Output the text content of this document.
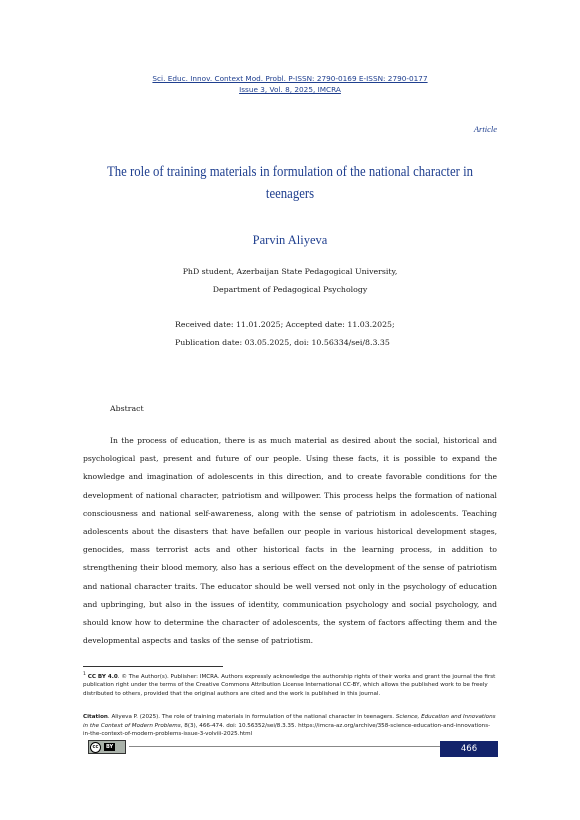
Sci. Educ. Innov. Context Mod. Probl. P-ISSN: 2790-0169 E-ISSN: 2790-0177
Issue 3, Vol. 8, 2025, IMCRA
Article
The role of training materials in formulation of the national character in teenagers
Parvin Aliyeva
PhD student, Azerbaijan State Pedagogical University,
Department of Pedagogical Psychology
Received date: 11.01.2025; Accepted date: 11.03.2025;
Publication date: 03.05.2025, doi: 10.56334/sei/8.3.35
Abstract

In the process of education, there is as much material as desired about the social, historical and psychological past, present and future of our people. Using these facts, it is possible to expand the knowledge and imagination of adolescents in this direction, and to create favorable conditions for the development of national character, patriotism and willpower. This process helps the formation of national consciousness and national self-awareness, along with the sense of patriotism in adolescents. Teaching adolescents about the disasters that have befallen our people in various historical development stages, genocides, mass terrorist acts and other historical facts in the learning process, in addition to strengthening their blood memory, also has a serious effect on the development of the sense of patriotism and national character traits. The educator should be well versed not only in the psychology of education and upbringing, but also in the issues of identity, communication psychology and social psychology, and should know how to determine the character of adolescents, the system of factors affecting them and the developmental aspects and tasks of the sense of patriotism.

$^1$ CC BY 4.0. © The Author(s). Publisher: IMCRA. Authors expressly acknowledge the authorship rights of their works and grant the journal the first publication right under the terms of the Creative Commons Attribution License International CC-BY, which allows the published work to be freely distributed to others, provided that the original authors are cited and the work is published in this journal.

Citation. Aliyeva P. (2025). The role of training materials in formulation of the national character in teenagers. Science, Education and Innovations in the Context of Modern Problems, 8(3), 466-474. doi: 10.56352/sei/8.3.35. https://imcra-az.org/archive/358-science-education-and-innovations-in-the-context-of-modern-problems-issue-3-volviii-2025.html

cc	BY	466
